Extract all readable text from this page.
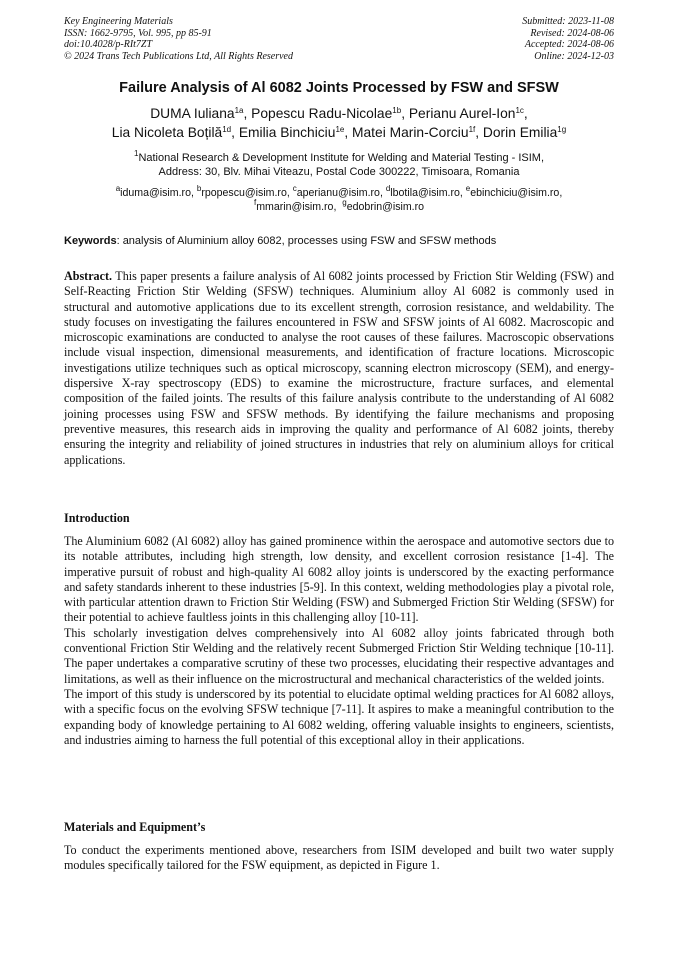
Key Engineering Materials
ISSN: 1662-9795, Vol. 995, pp 85-91
doi:10.4028/p-RIt7ZT
© 2024 Trans Tech Publications Ltd, All Rights Reserved
Submitted: 2023-11-08
Revised: 2024-08-06
Accepted: 2024-08-06
Online: 2024-12-03
Failure Analysis of Al 6082 Joints Processed by FSW and SFSW
DUMA Iuliana$^{1a}$, Popescu Radu-Nicolae$^{1b}$, Perianu Aurel-Ion$^{1c}$,
Lia Nicoleta Boțilă$^{1d}$, Emilia Binchiciu$^{1e}$, Matei Marin-Corciu$^{1f}$, Dorin Emilia$^{1g}$
$^1$National Research & Development Institute for Welding and Material Testing - ISIM,
Address: 30, Blv. Mihai Viteazu, Postal Code 300222, Timisoara, Romania
$^a$iduma@isim.ro, $^b$rpopescu@isim.ro, $^c$aperianu@isim.ro, $^d$lbotila@isim.ro, $^e$ebinchiciu@isim.ro,
$^f$mmarin@isim.ro,  $^g$edobrin@isim.ro
Keywords: analysis of Aluminium alloy 6082, processes using FSW and SFSW methods
Abstract. This paper presents a failure analysis of Al 6082 joints processed by Friction Stir Welding (FSW) and Self-Reacting Friction Stir Welding (SFSW) techniques. Aluminium alloy Al 6082 is commonly used in structural and automotive applications due to its excellent strength, corrosion resistance, and weldability. The study focuses on investigating the failures encountered in FSW and SFSW joints of Al 6082. Macroscopic and microscopic examinations are conducted to analyse the root causes of these failures. Macroscopic observations include visual inspection, dimensional measurements, and identification of fracture locations. Microscopic investigations utilize techniques such as optical microscopy, scanning electron microscopy (SEM), and energy-dispersive X-ray spectroscopy (EDS) to examine the microstructure, fracture surfaces, and elemental composition of the failed joints. The results of this failure analysis contribute to the understanding of Al 6082 joining processes using FSW and SFSW methods. By identifying the failure mechanisms and proposing preventive measures, this research aids in improving the quality and performance of Al 6082 joints, thereby ensuring the integrity and reliability of joined structures in industries that rely on aluminium alloys for critical applications.
Introduction

The Aluminium 6082 (Al 6082) alloy has gained prominence within the aerospace and automotive sectors due to its notable attributes, including high strength, low density, and excellent corrosion resistance [1-4]. The imperative pursuit of robust and high-quality Al 6082 alloy joints is underscored by the exacting performance and safety standards inherent to these industries [5-9]. In this context, welding methodologies play a pivotal role, with particular attention drawn to Friction Stir Welding (FSW) and Submerged Friction Stir Welding (SFSW) for their potential to achieve faultless joints in this challenging alloy [10-11].

This scholarly investigation delves comprehensively into Al 6082 alloy joints fabricated through both conventional Friction Stir Welding and the relatively recent Submerged Friction Stir Welding technique [10-11]. The paper undertakes a comparative scrutiny of these two processes, elucidating their respective advantages and limitations, as well as their influence on the microstructural and mechanical characteristics of the welded joints.

The import of this study is underscored by its potential to elucidate optimal welding practices for Al 6082 alloys, with a specific focus on the evolving SFSW technique [7-11]. It aspires to make a meaningful contribution to the expanding body of knowledge pertaining to Al 6082 welding, offering valuable insights to engineers, scientists, and industries aiming to harness the full potential of this exceptional alloy in their applications.

Materials and Equipment’s

To conduct the experiments mentioned above, researchers from ISIM developed and built two water supply modules specifically tailored for the FSW equipment, as depicted in Figure 1.
